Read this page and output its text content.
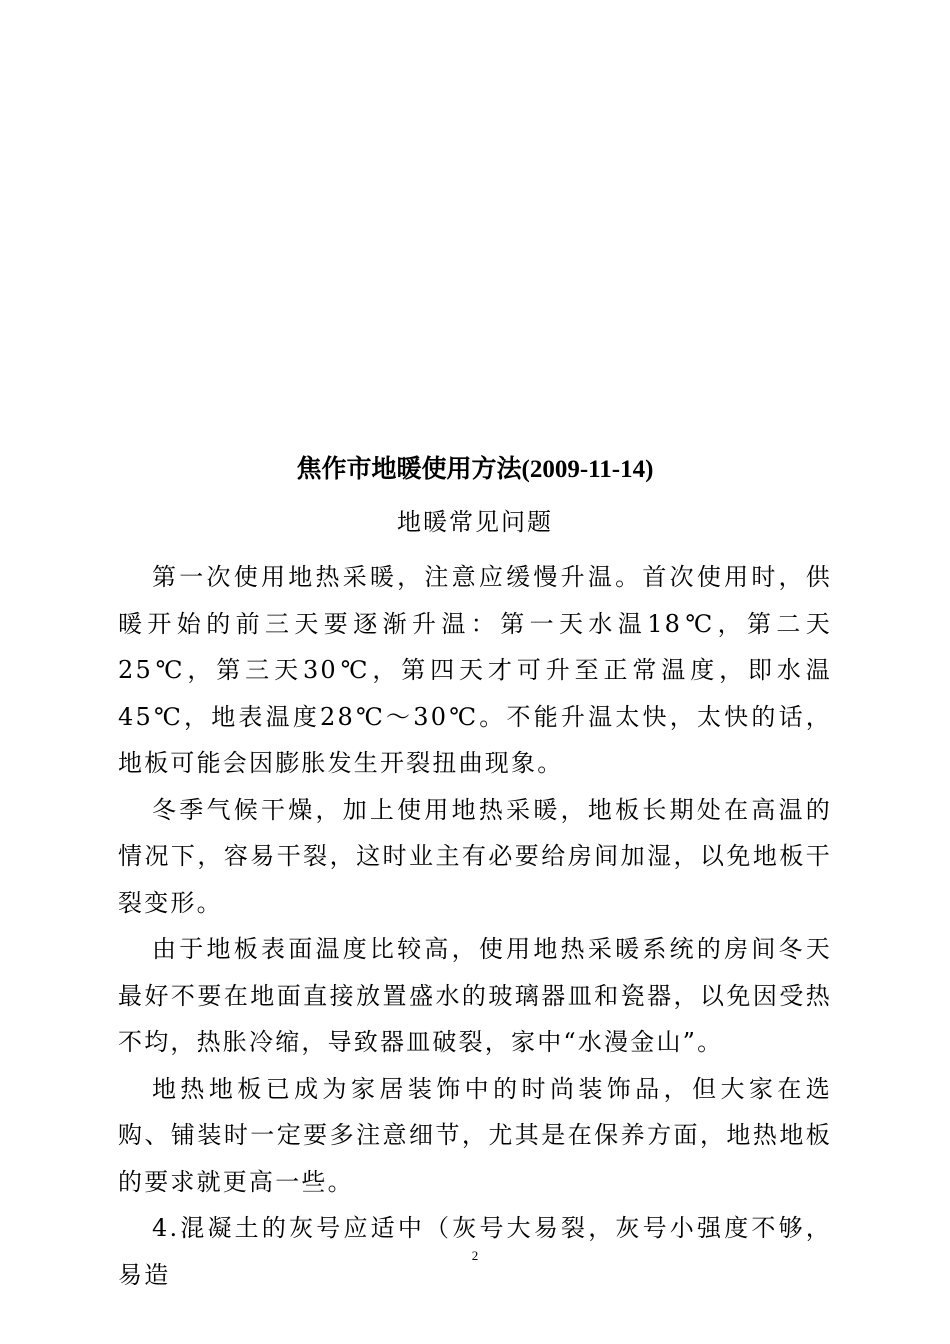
焦作市地暖使用方法(2009-11-14)
地暖常见问题

第一次使用地热采暖，注意应缓慢升温。首次使用时，供暖开始的前三天要逐渐升温：第一天水温18℃，第二天25℃，第三天30℃，第四天才可升至正常温度，即水温45℃，地表温度28℃～30℃。不能升温太快，太快的话，地板可能会因膨胀发生开裂扭曲现象。

冬季气候干燥，加上使用地热采暖，地板长期处在高温的情况下，容易干裂，这时业主有必要给房间加湿，以免地板干裂变形。

由于地板表面温度比较高，使用地热采暖系统的房间冬天最好不要在地面直接放置盛水的玻璃器皿和瓷器，以免因受热不均，热胀冷缩，导致器皿破裂，家中“水漫金山”。

地热地板已成为家居装饰中的时尚装饰品，但大家在选购、铺装时一定要多注意细节，尤其是在保养方面，地热地板的要求就更高一些。

4.混凝土的灰号应适中（灰号大易裂，灰号小强度不够，易造

2
